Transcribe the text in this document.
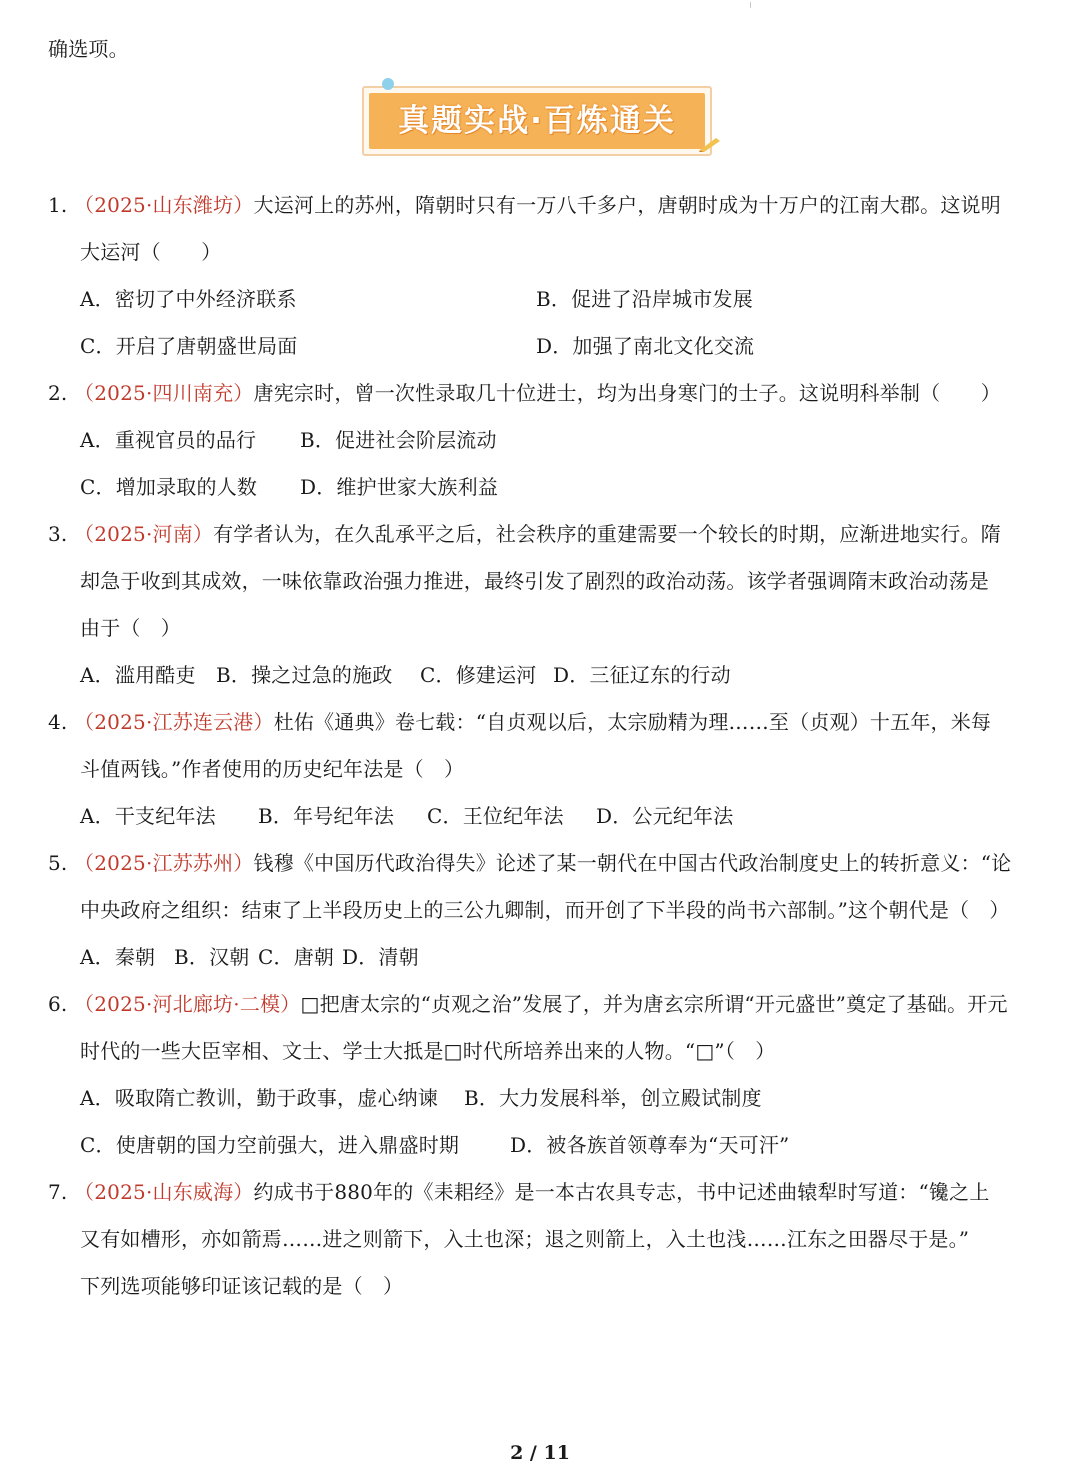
确选项。
真题实战·百炼通关
1. （2025·山东潍坊）大运河上的苏州，隋朝时只有一万八千多户，唐朝时成为十万户的江南大郡。这说明
大运河（　　）
A．密切了中外经济联系	B．促进了沿岸城市发展
C．开启了唐朝盛世局面	D．加强了南北文化交流
2. （2025·四川南充）唐宪宗时，曾一次性录取几十位进士，均为出身寒门的士子。这说明科举制（　　）
A．重视官员的品行 B．促进社会阶层流动
C．增加录取的人数 D．维护世家大族利益
3. （2025·河南）有学者认为，在久乱承平之后，社会秩序的重建需要一个较长的时期，应渐进地实行。隋
却急于收到其成效，一味依靠政治强力推进，最终引发了剧烈的政治动荡。该学者强调隋末政治动荡是
由于（　）
A．滥用酷吏 B．操之过急的施政 C．修建运河 D．三征辽东的行动
4. （2025·江苏连云港）杜佑《通典》卷七载：“自贞观以后，太宗励精为理……至（贞观）十五年，米每
斗值两钱。”作者使用的历史纪年法是（　）
A．干支纪年法 B．年号纪年法 C．王位纪年法 D．公元纪年法
5. （2025·江苏苏州）钱穆《中国历代政治得失》论述了某一朝代在中国古代政治制度史上的转折意义：“论
中央政府之组织：结束了上半段历史上的三公九卿制，而开创了下半段的尚书六部制。”这个朝代是（　）
A．秦朝 B．汉朝 C．唐朝 D．清朝
6. （2025·河北廊坊·二模）□把唐太宗的“贞观之治”发展了，并为唐玄宗所谓“开元盛世”奠定了基础。开元
时代的一些大臣宰相、文士、学士大抵是□时代所培养出来的人物。“□”（　）
A．吸取隋亡教训，勤于政事，虚心纳谏 B．大力发展科举，创立殿试制度
C．使唐朝的国力空前强大，进入鼎盛时期	D．被各族首领尊奉为“天可汗”
7. （2025·山东威海）约成书于880年的《耒耜经》是一本古农具专志，书中记述曲辕犁时写道：“镵之上
又有如槽形，亦如箭焉……进之则箭下，入土也深；退之则箭上，入土也浅……江东之田器尽于是。”
下列选项能够印证该记载的是（　）
2 / 11
